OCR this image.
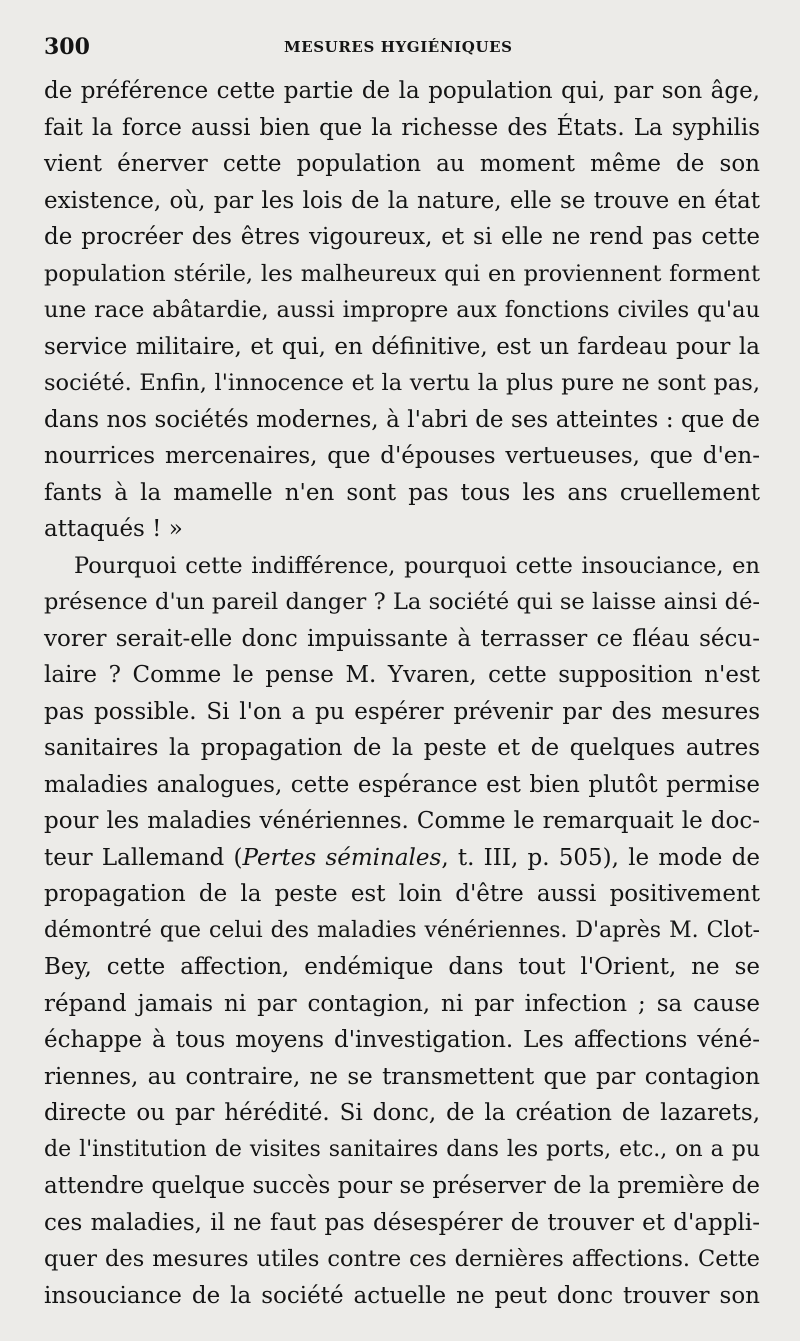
300	MESURES HYGIÉNIQUES
de préférence cette partie de la population qui, par son âge,
fait la force aussi bien que la richesse des États. La syphilis
vient énerver cette population au moment même de son
existence, où, par les lois de la nature, elle se trouve en état
de procréer des êtres vigoureux, et si elle ne rend pas cette
population stérile, les malheureux qui en proviennent forment
une race abâtardie, aussi impropre aux fonctions civiles qu'au
service militaire, et qui, en définitive, est un fardeau pour la
société. Enfin, l'innocence et la vertu la plus pure ne sont pas,
dans nos sociétés modernes, à l'abri de ses atteintes : que de
nourrices mercenaires, que d'épouses vertueuses, que d'en-
fants à la mamelle n'en sont pas tous les ans cruellement
attaqués ! »
Pourquoi cette indifférence, pourquoi cette insouciance, en
présence d'un pareil danger ? La société qui se laisse ainsi dé-
vorer serait-elle donc impuissante à terrasser ce fléau sécu-
laire ? Comme le pense M. Yvaren, cette supposition n'est
pas possible. Si l'on a pu espérer prévenir par des mesures
sanitaires la propagation de la peste et de quelques autres
maladies analogues, cette espérance est bien plutôt permise
pour les maladies vénériennes. Comme le remarquait le doc-
teur Lallemand (Pertes séminales, t. III, p. 505), le mode de
propagation de la peste est loin d'être aussi positivement
démontré que celui des maladies vénériennes. D'après M. Clot-
Bey, cette affection, endémique dans tout l'Orient, ne se
répand jamais ni par contagion, ni par infection ; sa cause
échappe à tous moyens d'investigation. Les affections véné-
riennes, au contraire, ne se transmettent que par contagion
directe ou par hérédité. Si donc, de la création de lazarets,
de l'institution de visites sanitaires dans les ports, etc., on a pu
attendre quelque succès pour se préserver de la première de
ces maladies, il ne faut pas désespérer de trouver et d'appli-
quer des mesures utiles contre ces dernières affections. Cette
insouciance de la société actuelle ne peut donc trouver son
